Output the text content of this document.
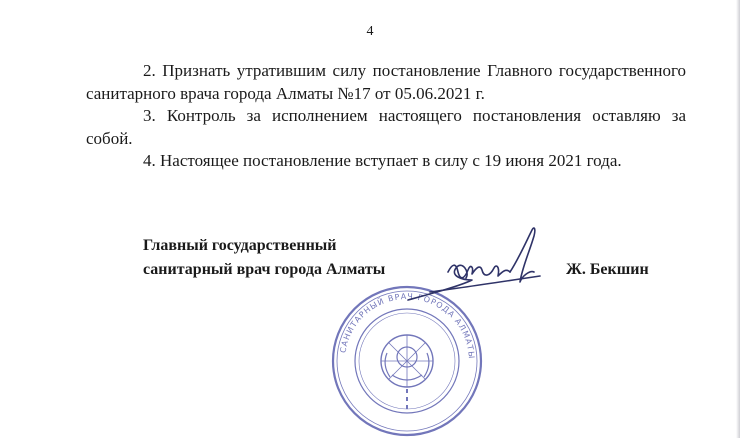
4
2. Признать утратившим силу постановление Главного государственного санитарного врача города Алматы №17 от 05.06.2021 г.
3. Контроль за исполнением настоящего постановления оставляю за собой.
4. Настоящее постановление вступает в силу с 19 июня 2021 года.
Главный государственный
санитарный врач города Алматы	Ж. Бекшин
САНИТАРНЫЙ ВРАЧ ГОРОДА АЛМАТЫ
